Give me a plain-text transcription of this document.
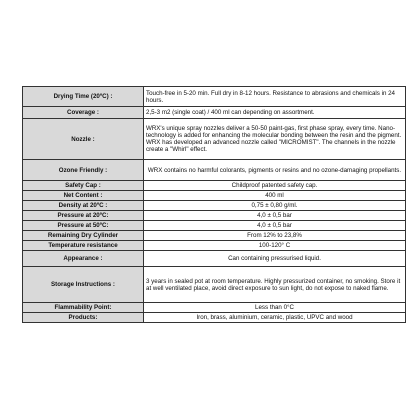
Drying Time (20ºC) :	Touch-free in 5-20 min. Full dry in 8-12 hours. Resistance to abrasions and chemicals in 24 hours.
Coverage :	2,5-3 m2 (single coat) / 400 ml can depending on assortment.
Nozzle :	WRX's unique spray nozzles deliver a 50-50 paint-gas, first phase spray, every time. Nano-technology is added for enhancing the molecular bonding between the resin and the pigment. WRX has developed an advanced nozzle called "MICROMIST". The channels in the nozzle create a "Whirl" effect.
Ozone Friendly :	WRX contains no harmful colorants, pigments or resins and no ozone-damaging propellants.
Safety Cap :	Childproof patented safety cap.
Net Content :	400 ml
Density at 20ºC :	0,75 ± 0,80 g/ml.
Pressure at 20ºC:	4,0 ± 0,5 bar
Pressure at 50ºC:	4,0 ± 0,5 bar
Remaining Dry Cylinder	From 12% to 23,8%
Temperature resistance	100-120° C
Appearance :	Can containing pressurised liquid.
Storage Instructions :	3 years in sealed pot at room temperature. Highly pressurized container, no smoking. Store it at well ventilated place, avoid direct exposure to sun light, do not expose to naked flame.
Flammability Point:	Less than 0°C
Products:	Iron, brass, aluminium, ceramic, plastic, UPVC and wood
